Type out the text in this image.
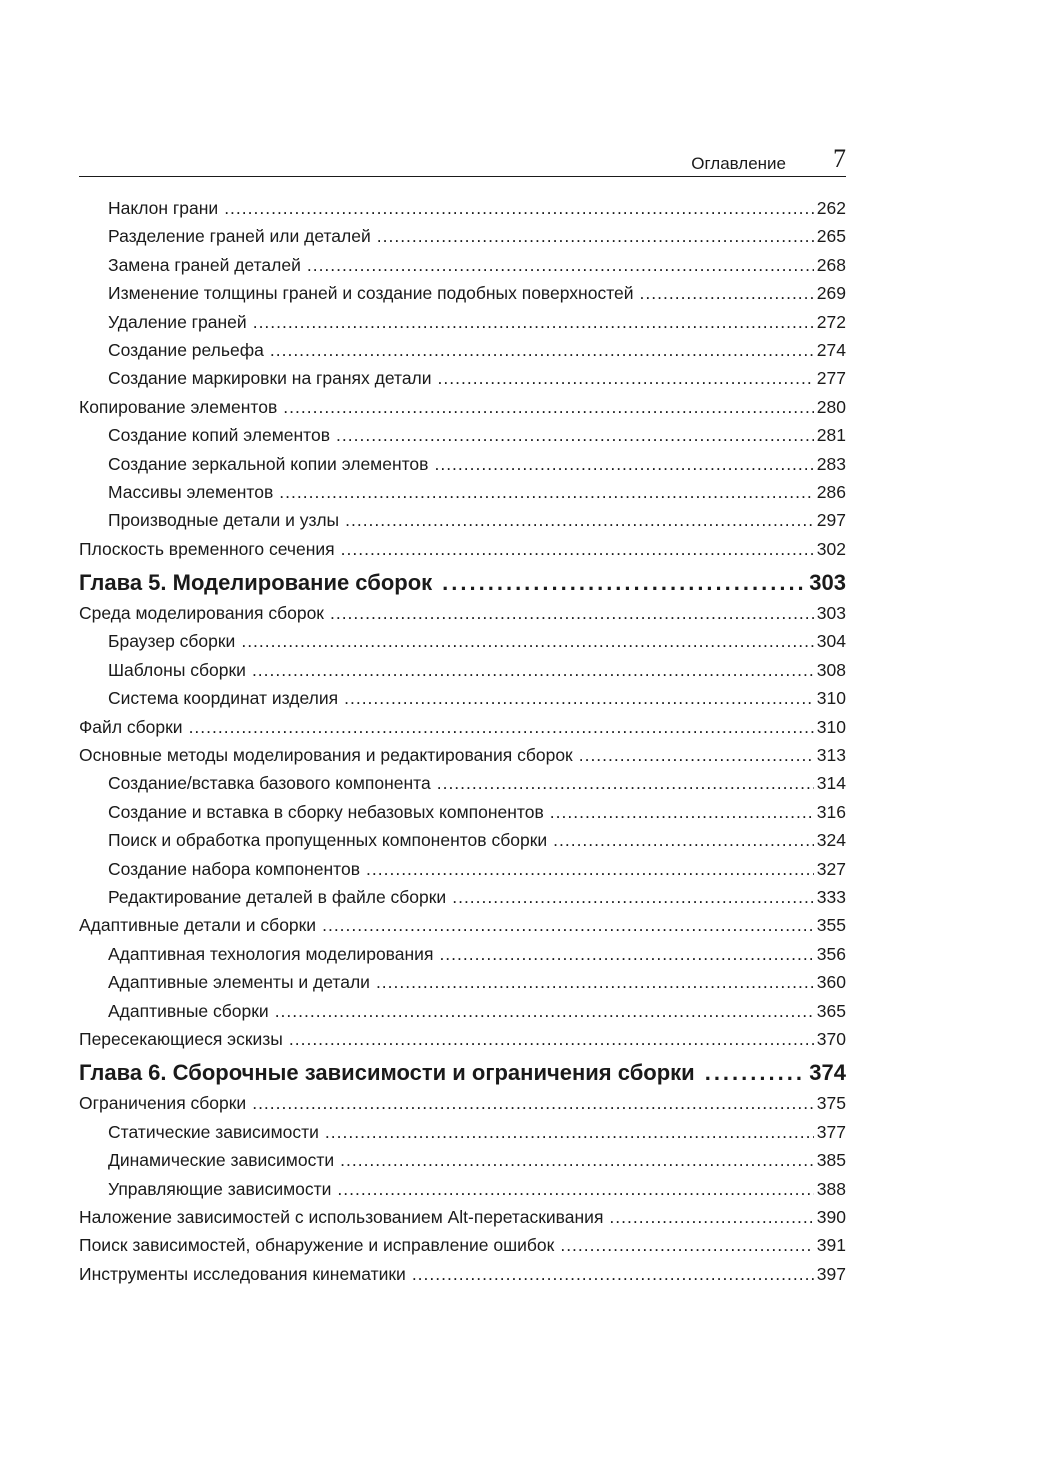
Оглавление 7
Наклон грани .....	262
Разделение граней или деталей .....	265
Замена граней деталей .....	268
Изменение толщины граней и создание подобных поверхностей .....	269
Удаление граней .....	272
Создание рельефа .....	274
Создание маркировки на гранях детали .....	277
Копирование элементов .....	280
Создание копий элементов .....	281
Создание зеркальной копии элементов .....	283
Массивы элементов .....	286
Производные детали и узлы .....	297
Плоскость временного сечения .....	302
Глава 5. Моделирование сборок .....	303
Среда моделирования сборок .....	303
Браузер сборки .....	304
Шаблоны сборки .....	308
Система координат изделия .....	310
Файл сборки .....	310
Основные методы моделирования и редактирования сборок .....	313
Создание/вставка базового компонента .....	314
Создание и вставка в сборку небазовых компонентов .....	316
Поиск и обработка пропущенных компонентов сборки .....	324
Создание набора компонентов .....	327
Редактирование деталей в файле сборки .....	333
Адаптивные детали и сборки .....	355
Адаптивная технология моделирования .....	356
Адаптивные элементы и детали .....	360
Адаптивные сборки .....	365
Пересекающиеся эскизы .....	370
Глава 6. Сборочные зависимости и ограничения сборки .....	374
Ограничения сборки .....	375
Статические зависимости .....	377
Динамические зависимости .....	385
Управляющие зависимости .....	388
Наложение зависимостей с использованием Alt-перетаскивания .....	390
Поиск зависимостей, обнаружение и исправление ошибок .....	391
Инструменты исследования кинематики .....	397
